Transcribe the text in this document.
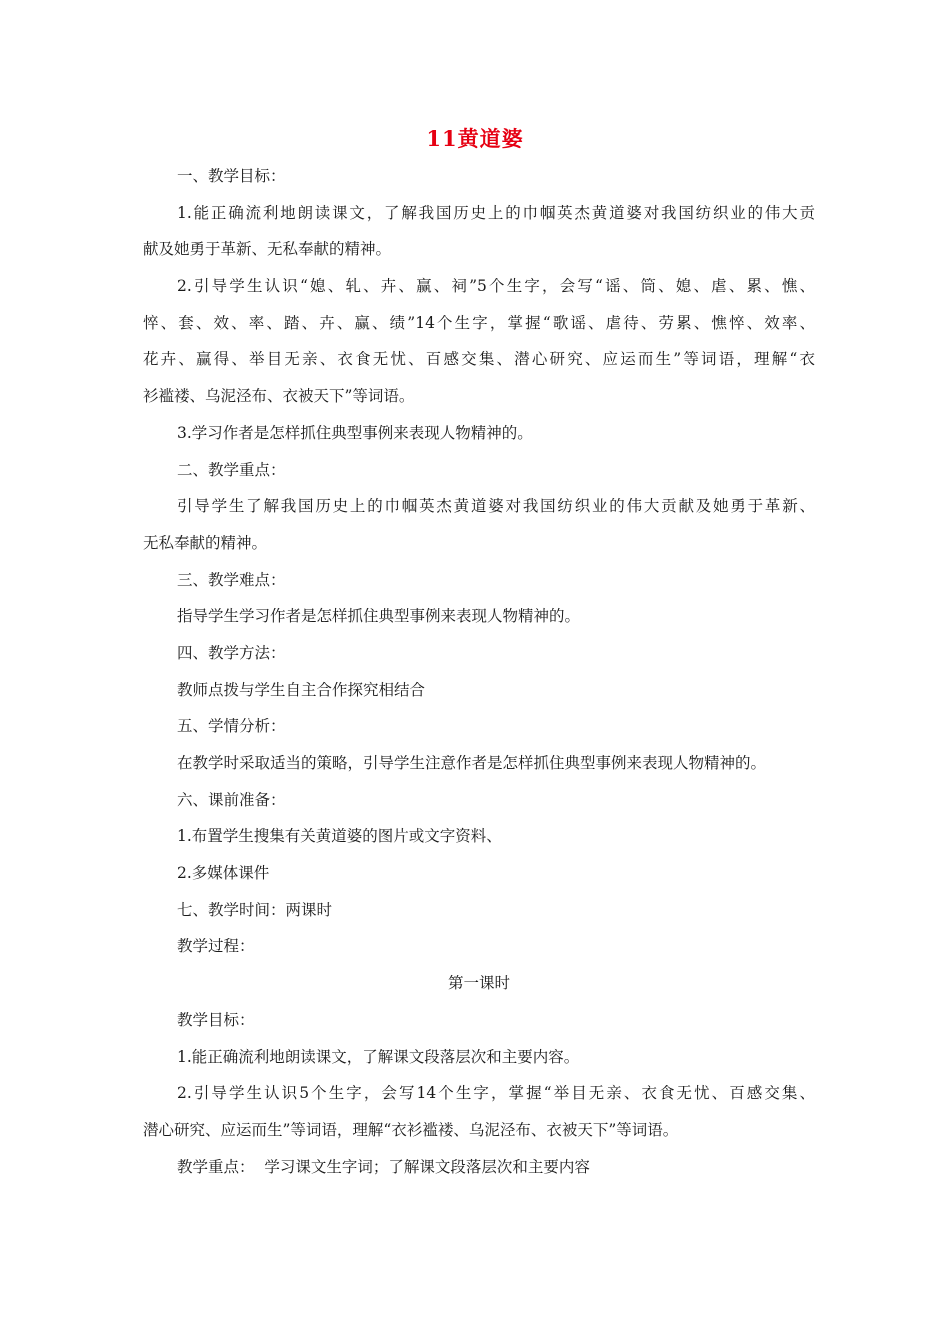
11黄道婆
一、教学目标：
1.能正确流利地朗读课文，了解我国历史上的巾帼英杰黄道婆对我国纺织业的伟大贡
献及她勇于革新、无私奉献的精神。
2.引导学生认识“媳、轧、卉、赢、祠”5个生字，会写“谣、筒、媳、虐、累、憔、
悴、套、效、率、踏、卉、赢、绩”14个生字，掌握“歌谣、虐待、劳累、憔悴、效率、
花卉、赢得、举目无亲、衣食无忧、百感交集、潜心研究、应运而生”等词语，理解“衣
衫褴褛、乌泥泾布、衣被天下”等词语。
3.学习作者是怎样抓住典型事例来表现人物精神的。
二、教学重点：
引导学生了解我国历史上的巾帼英杰黄道婆对我国纺织业的伟大贡献及她勇于革新、
无私奉献的精神。
三、教学难点：
指导学生学习作者是怎样抓住典型事例来表现人物精神的。
四、教学方法：
教师点拨与学生自主合作探究相结合
五、学情分析：
在教学时采取适当的策略，引导学生注意作者是怎样抓住典型事例来表现人物精神的。
六、课前准备：
1.布置学生搜集有关黄道婆的图片或文字资料、
2.多媒体课件
七、教学时间：两课时
教学过程：
第一课时
教学目标：
1.能正确流利地朗读课文，了解课文段落层次和主要内容。
2.引导学生认识5个生字，会写14个生字，掌握“举目无亲、衣食无忧、百感交集、
潜心研究、应运而生”等词语，理解“衣衫褴褛、乌泥泾布、衣被天下”等词语。
教学重点：  学习课文生字词；了解课文段落层次和主要内容
